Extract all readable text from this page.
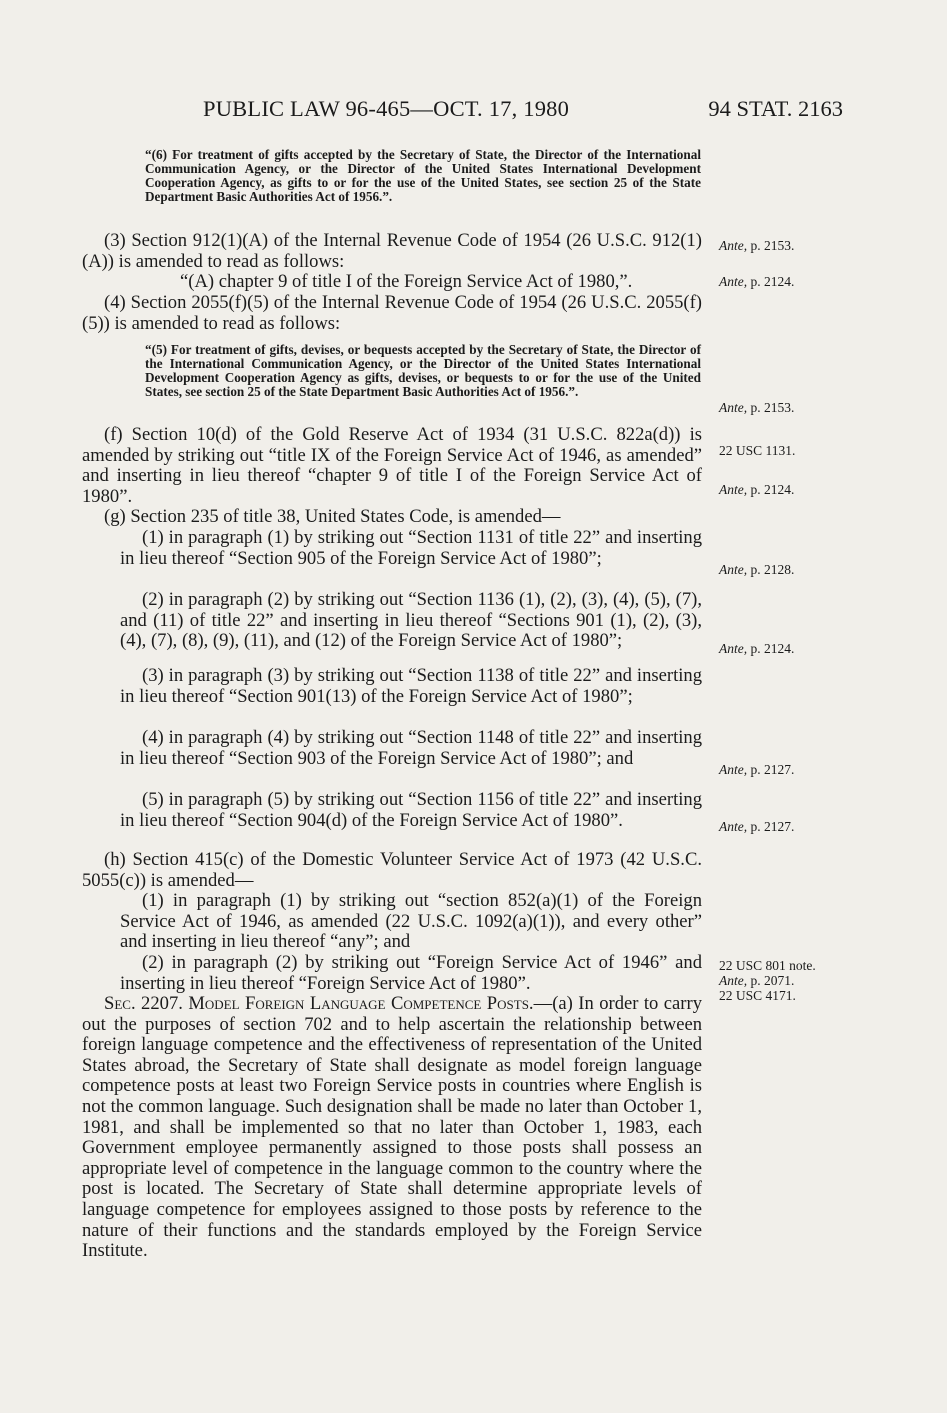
PUBLIC LAW 96-465—OCT. 17, 1980	94 STAT. 2163
“(6) For treatment of gifts accepted by the Secretary of State, the Director of the International Communication Agency, or the Director of the United States International Development Cooperation Agency, as gifts to or for the use of the United States, see section 25 of the State Department Basic Authorities Act of 1956.”.
(3) Section 912(1)(A) of the Internal Revenue Code of 1954 (26 U.S.C. 912(1)(A)) is amended to read as follows:
“(A) chapter 9 of title I of the Foreign Service Act of 1980,”.
(4) Section 2055(f)(5) of the Internal Revenue Code of 1954 (26 U.S.C. 2055(f)(5)) is amended to read as follows:
“(5) For treatment of gifts, devises, or bequests accepted by the Secretary of State, the Director of the International Communication Agency, or the Director of the United States International Development Cooperation Agency as gifts, devises, or bequests to or for the use of the United States, see section 25 of the State Department Basic Authorities Act of 1956.”.
(f) Section 10(d) of the Gold Reserve Act of 1934 (31 U.S.C. 822a(d)) is amended by striking out “title IX of the Foreign Service Act of 1946, as amended” and inserting in lieu thereof “chapter 9 of title I of the Foreign Service Act of 1980”.
(g) Section 235 of title 38, United States Code, is amended—
(1) in paragraph (1) by striking out “Section 1131 of title 22” and inserting in lieu thereof “Section 905 of the Foreign Service Act of 1980”;
(2) in paragraph (2) by striking out “Section 1136 (1), (2), (3), (4), (5), (7), and (11) of title 22” and inserting in lieu thereof “Sections 901 (1), (2), (3), (4), (7), (8), (9), (11), and (12) of the Foreign Service Act of 1980”;
(3) in paragraph (3) by striking out “Section 1138 of title 22” and inserting in lieu thereof “Section 901(13) of the Foreign Service Act of 1980”;
(4) in paragraph (4) by striking out “Section 1148 of title 22” and inserting in lieu thereof “Section 903 of the Foreign Service Act of 1980”; and
(5) in paragraph (5) by striking out “Section 1156 of title 22” and inserting in lieu thereof “Section 904(d) of the Foreign Service Act of 1980”.
(h) Section 415(c) of the Domestic Volunteer Service Act of 1973 (42 U.S.C. 5055(c)) is amended—
(1) in paragraph (1) by striking out “section 852(a)(1) of the Foreign Service Act of 1946, as amended (22 U.S.C. 1092(a)(1)), and every other” and inserting in lieu thereof “any”; and
(2) in paragraph (2) by striking out “Foreign Service Act of 1946” and inserting in lieu thereof “Foreign Service Act of 1980”.
Sec. 2207. Model Foreign Language Competence Posts.—(a) In order to carry out the purposes of section 702 and to help ascertain the relationship between foreign language competence and the effectiveness of representation of the United States abroad, the Secretary of State shall designate as model foreign language competence posts at least two Foreign Service posts in countries where English is not the common language. Such designation shall be made no later than October 1, 1981, and shall be implemented so that no later than October 1, 1983, each Government employee permanently assigned to those posts shall possess an appropriate level of competence in the language common to the country where the post is located. The Secretary of State shall determine appropriate levels of language competence for employees assigned to those posts by reference to the nature of their functions and the standards employed by the Foreign Service Institute.
Ante, p. 2153.
Ante, p. 2124.
Ante, p. 2153.
22 USC 1131.
Ante, p. 2124.
Ante, p. 2128.
Ante, p. 2124.
Ante, p. 2127.
Ante, p. 2127.
22 USC 801 note.
Ante, p. 2071.
22 USC 4171.
